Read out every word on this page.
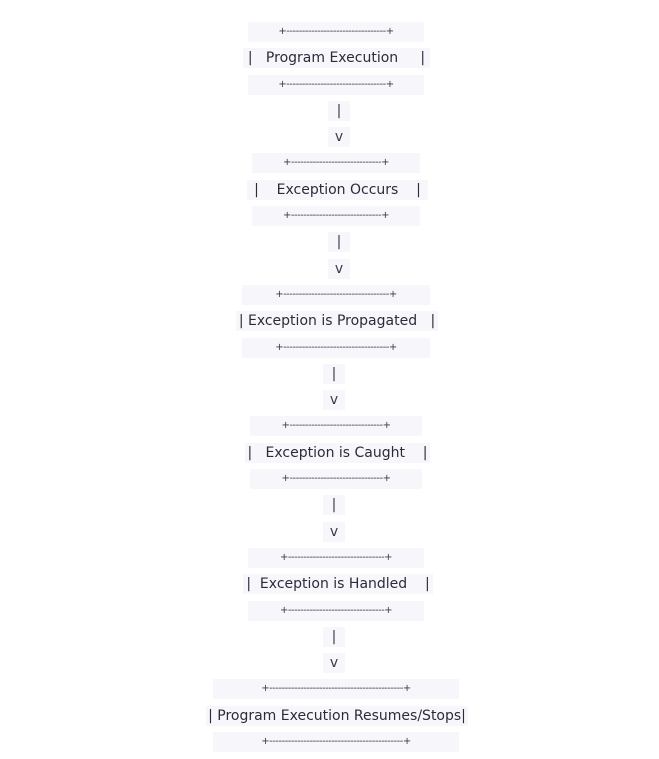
+--------------------------------+
|   Program Execution     |
+--------------------------------+
|
v
+-----------------------------+
|    Exception Occurs    |
+-----------------------------+
|
v
+----------------------------------+
| Exception is Propagated   |
+----------------------------------+
|
v
+------------------------------+
|   Exception is Caught    |
+------------------------------+
|
v
+-------------------------------+
|  Exception is Handled    |
+-------------------------------+
|
v
+-------------------------------------------+
| Program Execution Resumes/Stops|
+-------------------------------------------+
